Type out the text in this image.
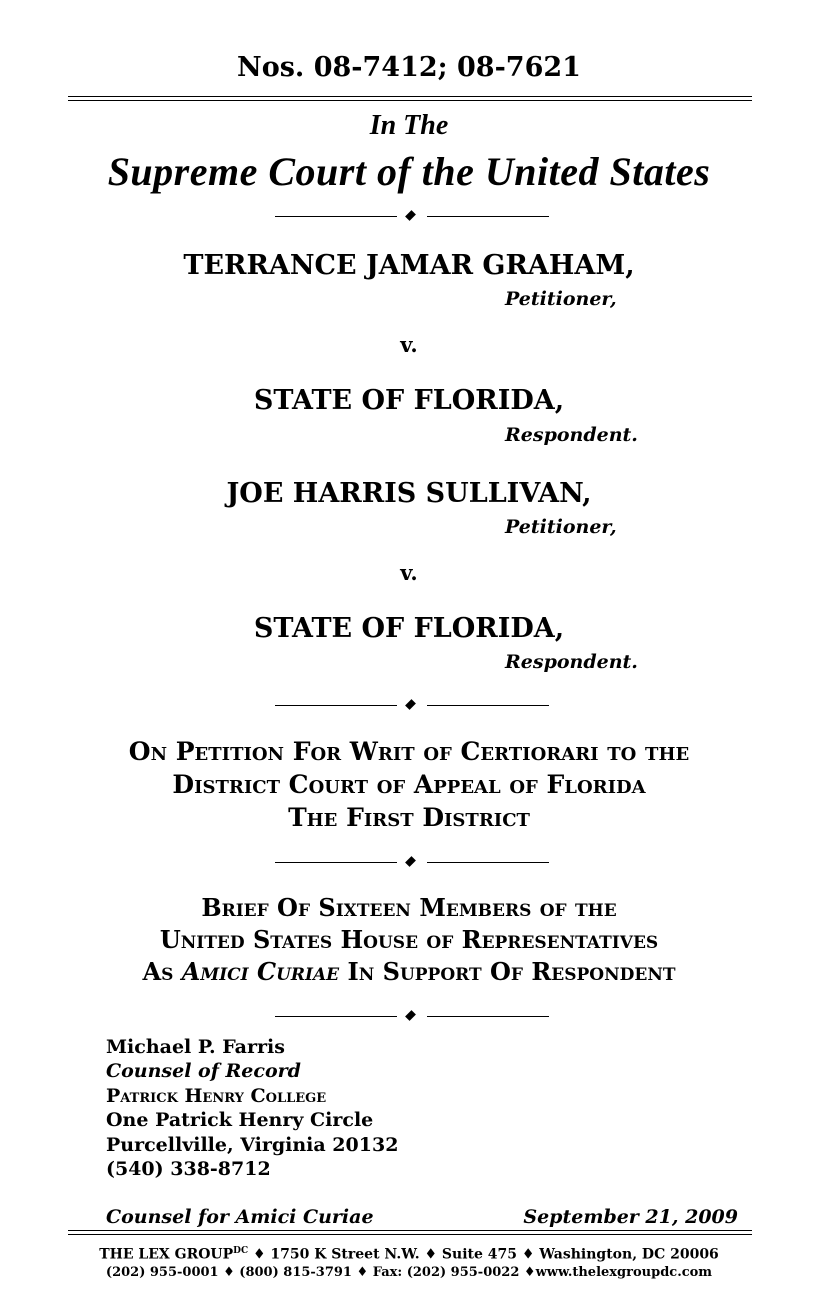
Nos. 08-7412; 08-7621
In The
Supreme Court of the United States
TERRANCE JAMAR GRAHAM,
Petitioner,
v.
STATE OF FLORIDA,
Respondent.
JOE HARRIS SULLIVAN,
Petitioner,
v.
STATE OF FLORIDA,
Respondent.
On Petition For Writ of Certiorari to the
District Court of Appeal of Florida
The First District
Brief Of Sixteen Members of the
United States House of Representatives
As Amici Curiae In Support Of Respondent
Michael P. Farris
Counsel of Record
Patrick Henry College
One Patrick Henry Circle
Purcellville, Virginia 20132
(540) 338-8712
Counsel for Amici Curiae	September 21, 2009
THE LEX $GROUP^{DC}$ ♦ 1750 K Street N.W. ♦ Suite 475 ♦ Washington, DC 20006
(202) 955-0001 ♦ (800) 815-3791 ♦ Fax: (202) 955-0022 ♦www.thelexgroupdc.com
